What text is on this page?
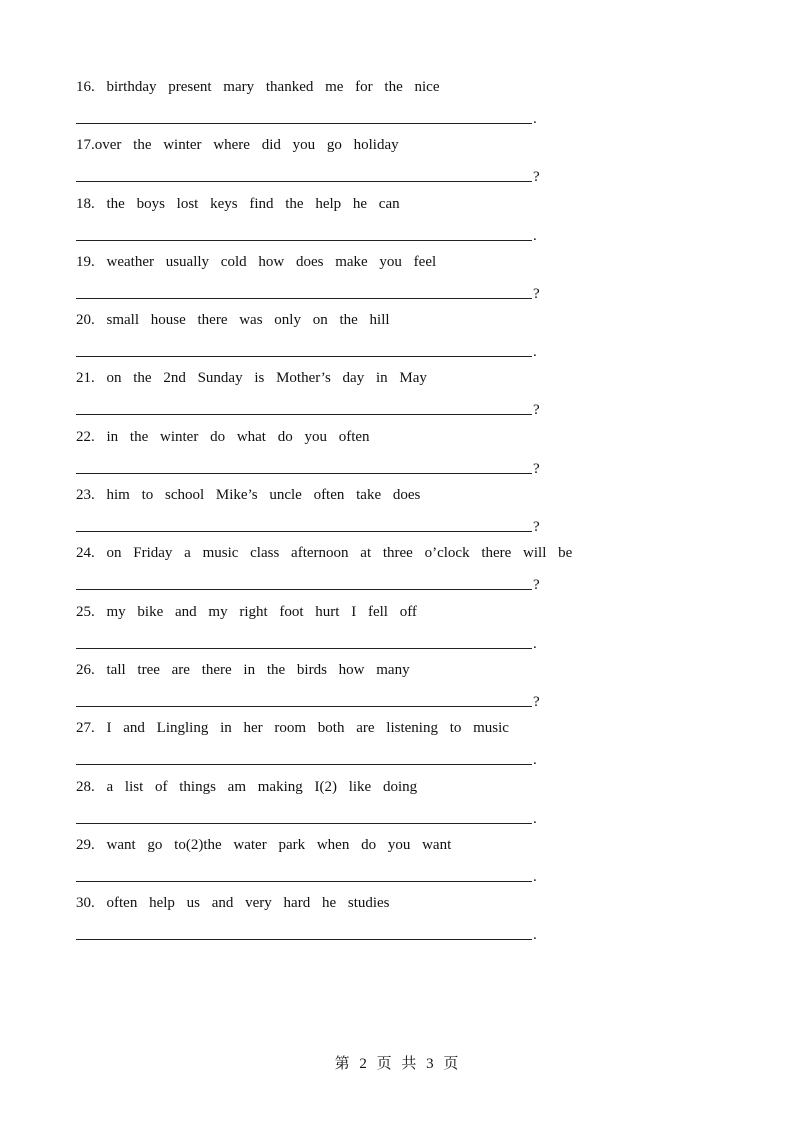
16. birthday present mary thanked me for the nice
.
17.over the winter where did you go holiday
?
18. the boys lost keys find the help he can
.
19. weather usually cold how does make you feel
?
20. small house there was only on the hill
.
21. on the 2nd Sunday is Mother’s day in May
?
22. in the winter do what do you often
?
23. him to school Mike’s uncle often take does
?
24. on Friday a music class afternoon at three o’clock there will be
?
25. my bike and my right foot hurt I fell off
.
26. tall tree are there in the birds how many
?
27. I and Lingling in her room both are listening to music
.
28. a list of things am making I(2) like doing
.
29. want go to(2)the water park when do you want
.
30. often help us and very hard he studies
.
第 2 页 共 3 页
